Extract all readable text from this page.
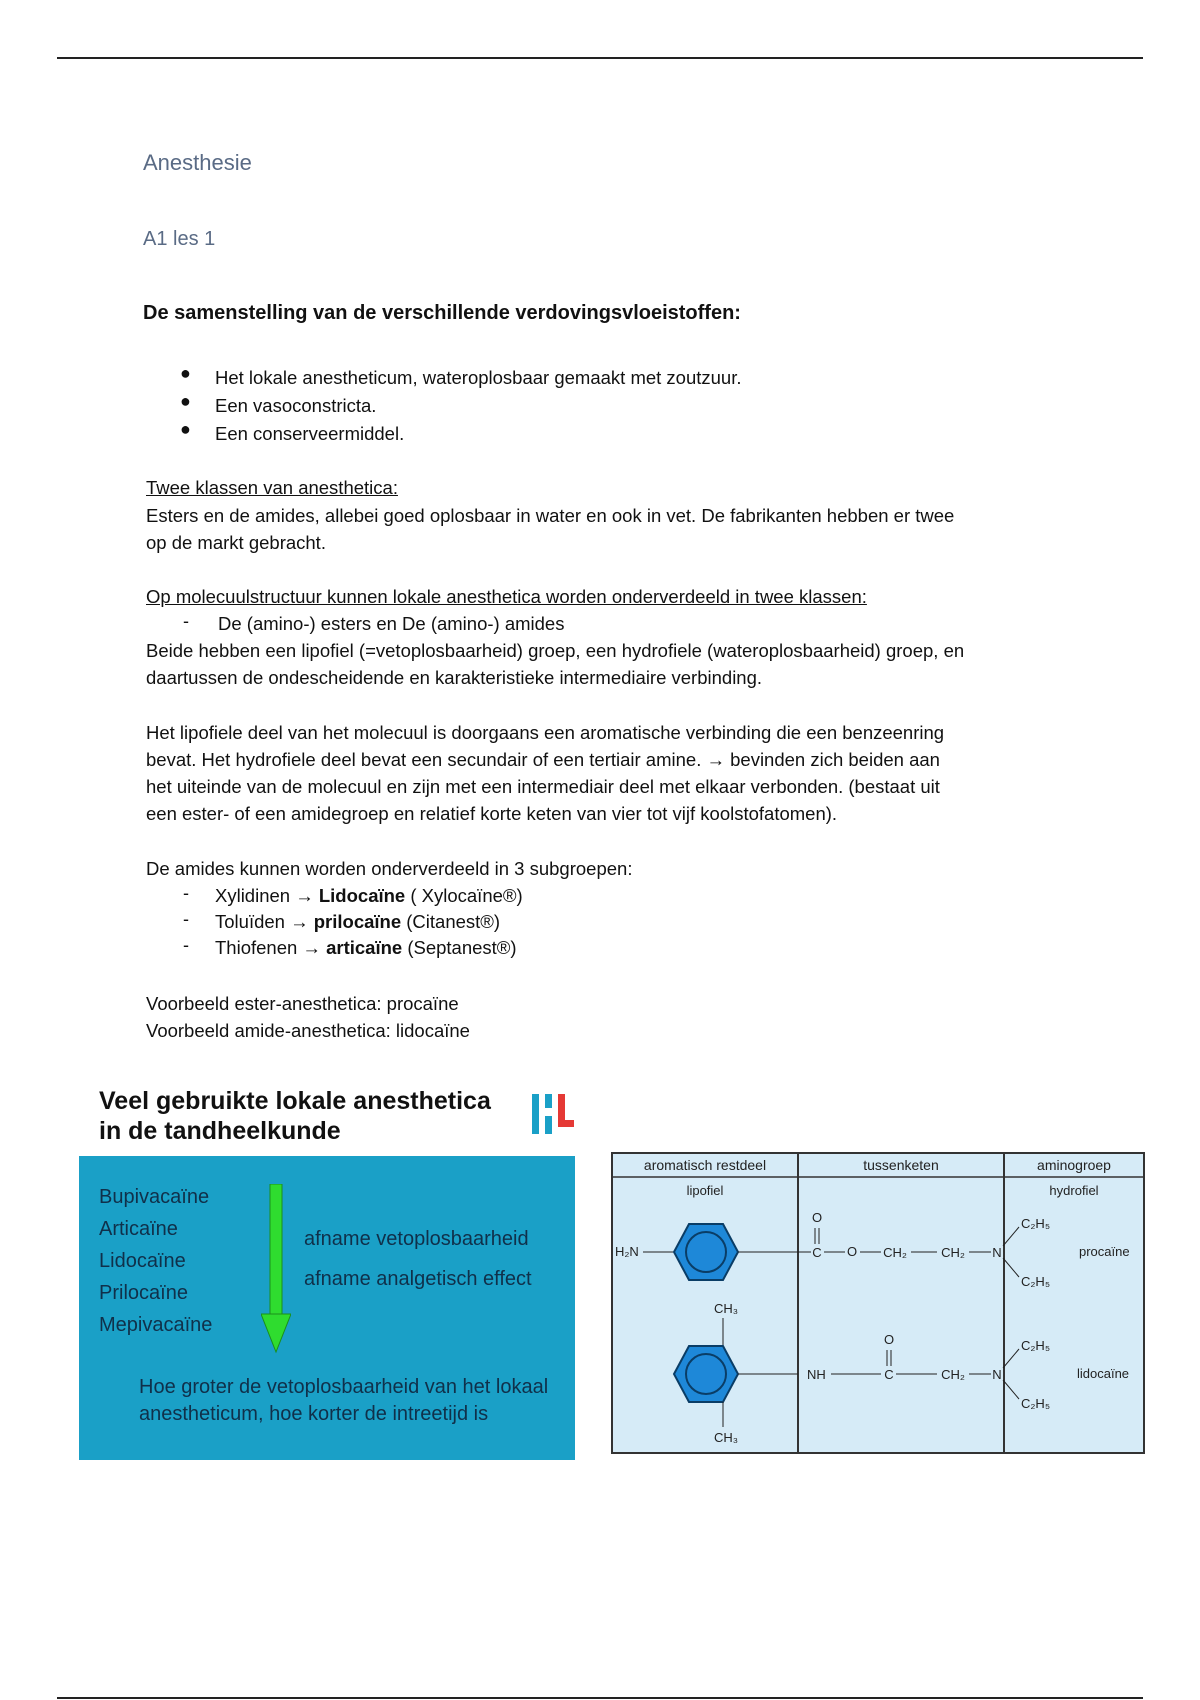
Anesthesie
A1 les 1
De samenstelling van de verschillende verdovingsvloeistoffen:
● Het lokale anestheticum, wateroplosbaar gemaakt met zoutzuur.
● Een vasoconstricta.
● Een conserveermiddel.
Twee klassen van anesthetica:
Esters en de amides, allebei goed oplosbaar in water en ook in vet. De fabrikanten hebben er twee
op de markt gebracht.
Op molecuulstructuur kunnen lokale anesthetica worden onderverdeeld in twee klassen:
- De (amino-) esters en De (amino-) amides
Beide hebben een lipofiel (=vetoplosbaarheid) groep, een hydrofiele (wateroplosbaarheid) groep, en
daartussen de ondescheidende en karakteristieke intermediaire verbinding.
Het lipofiele deel van het molecuul is doorgaans een aromatische verbinding die een benzeenring
bevat. Het hydrofiele deel bevat een secundair of een tertiair amine. → bevinden zich beiden aan
het uiteinde van de molecuul en zijn met een intermediair deel met elkaar verbonden. (bestaat uit
een ester- of een amidegroep en relatief korte keten van vier tot vijf koolstofatomen).
De amides kunnen worden onderverdeeld in 3 subgroepen:
- Xylidinen → Lidocaïne ( Xylocaïne®)
- Toluïden → prilocaïne (Citanest®)
- Thiofenen → articaïne (Septanest®)
Voorbeeld ester-anesthetica: procaïne
Voorbeeld amide-anesthetica: lidocaïne
Veel gebruikte lokale anesthetica
in de tandheelkunde
Bupivacaïne
Articaïne
Lidocaïne
Prilocaïne
Mepivacaïne
afname vetoplosbaarheid
afname analgetisch effect
Hoe groter de vetoplosbaarheid van het lokaal anestheticum, hoe korter de intreetijd is
aromatisch restdeel	tussenketen	aminogroep
lipofiel	hydrofiel
H₂N
O
C O CH₂	CH₂ N
C₂H₅
C₂H₅
procaïne
CH₃
CH₃
NH
O
C	CH₂ N
C₂H₅
C₂H₅
lidocaïne
